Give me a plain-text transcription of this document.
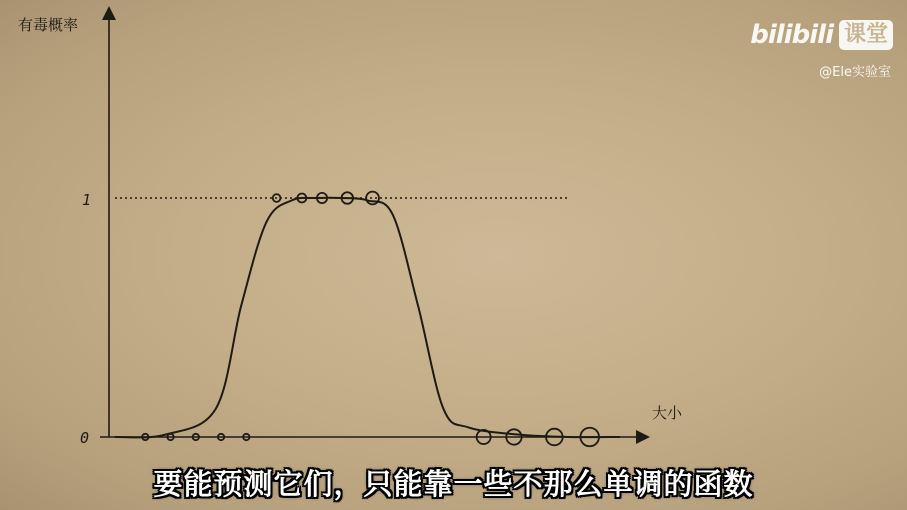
有毒概率
大小
1
0
bilibili 课堂
@Ele实验室
要能预测它们，只能靠一些不那么单调的函数
